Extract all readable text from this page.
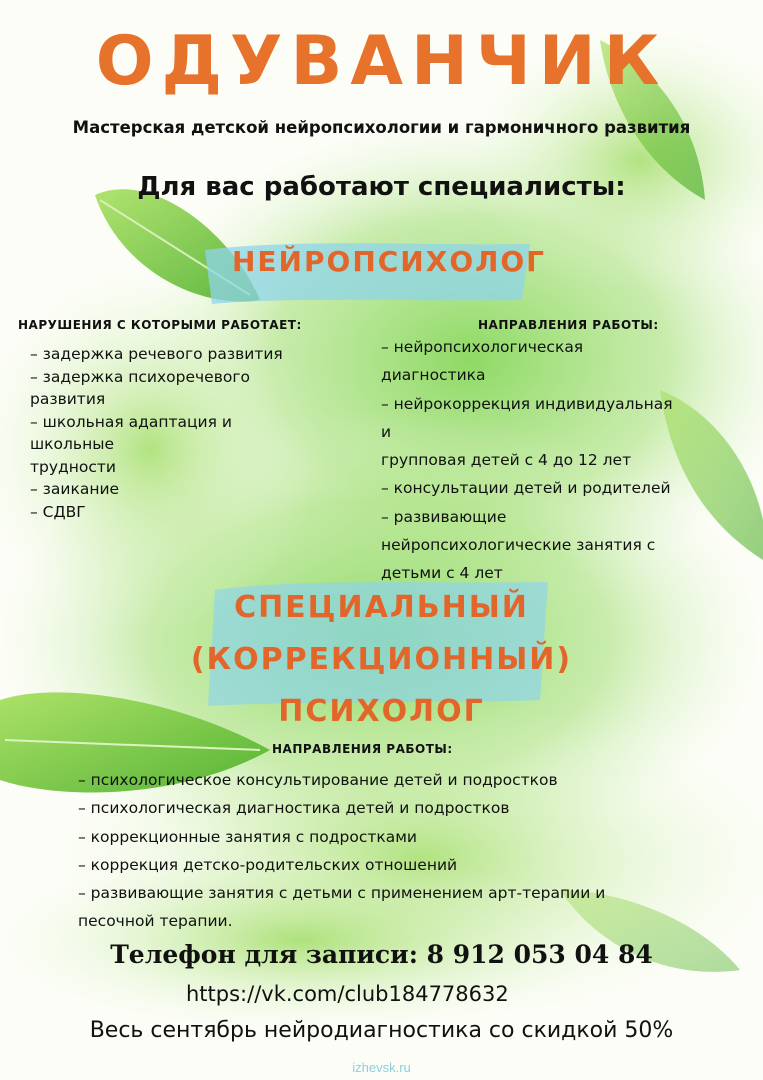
ОДУВАНЧИК
Мастерская детской нейропсихологии и гармоничного развития
Для вас работают специалисты:
НЕЙРОПСИХОЛОГ
НАРУШЕНИЯ С КОТОРЫМИ РАБОТАЕТ:
– задержка речевого развития
– задержка психоречевого
развития
– школьная адаптация и
школьные
трудности
– заикание
– СДВГ
НАПРАВЛЕНИЯ РАБОТЫ:
– нейропсихологическая
диагностика
– нейрокоррекция индивидуальная
и
групповая детей с 4 до 12 лет
– консультации детей и родителей
– развивающие
нейропсихологические занятия с
детьми с 4 лет
СПЕЦИАЛЬНЫЙ
(КОРРЕКЦИОННЫЙ)
ПСИХОЛОГ
НАПРАВЛЕНИЯ РАБОТЫ:
– психологическое консультирование детей и подростков
– психологическая диагностика детей и подростков
– коррекционные занятия с подростками
– коррекция детско-родительских отношений
– развивающие занятия с детьми с применением арт-терапии и
песочной терапии.
Телефон для записи: 8 912 053 04 84
https://vk.com/club184778632
Весь сентябрь нейродиагностика со скидкой 50%
izhevsk.ru
